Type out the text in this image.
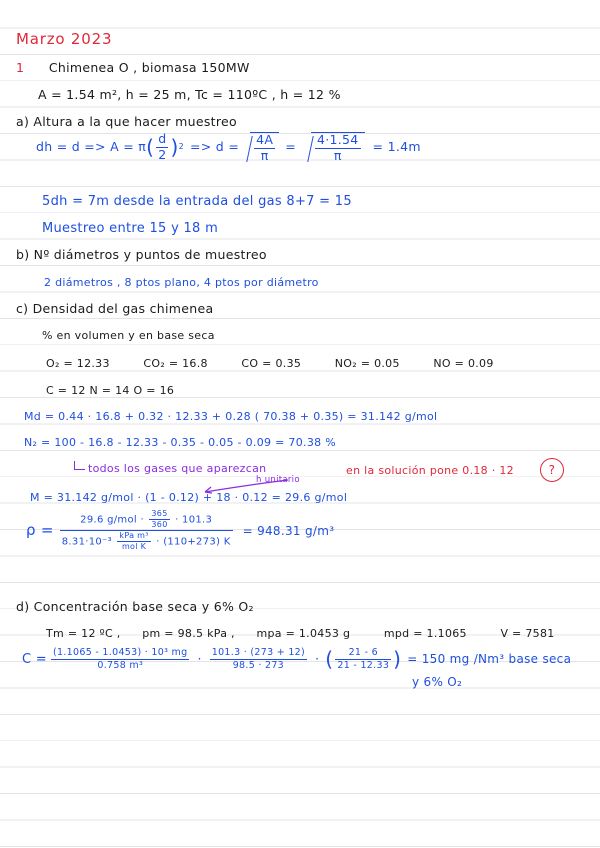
Marzo 2023
1 Chimenea O , biomasa 150MW
A = 1.54 m², h = 25 m, Tc = 110ºC , h = 12 %
a) Altura a la que hacer muestreo
dh = d => A = π ( $\frac{d}{2}$ ) $2 => d = \frac{4A}{\pi} = \frac{4\cdot 1.54}{\pi} = 1.4m$
5dh = 7m desde la entrada del gas 8+7 = 15
Muestreo entre 15 y 18 m
b) Nº diámetros y puntos de muestreo
2 diámetros , 8 ptos plano, 4 ptos por diámetro
c) Densidad del gas chimenea
% en volumen y en base seca
O₂ = 12.33	CO₂ = 16.8	CO = 0.35	NO₂ = 0.05	NO = 0.09
C = 12 N = 14 O = 16
Md = 0.44 · 16.8 + 0.32 · 12.33 + 0.28 ( 70.38 + 0.35) = 31.142 g/mol
N₂ = 100 - 16.8 - 12.33 - 0.35 - 0.05 - 0.09 = 70.38 %
todos los gases que aparezcan	en la solución pone 0.18 · 12	?
h unitario
M = 31.142 g/mol · (1 - 0.12) + 18 · 0.12 = 29.6 g/mol
$\rho = \frac{29.6 g/mol \cdot \frac{365}{360} \cdot 101.3}{8.31\cdot 10^{-3} \frac{\text{kPa m³}}{\text{mol K}} \cdot (110+273) K} = 948.31$ g/m³
d) Concentración base seca y 6% O₂
Tm = 12 ºC , pm = 98.5 kPa , mpa = 1.0453 g	mpd = 1.1065	V = 7581
$C = \frac{\text{(1.1065 - 1.0453) · 10³ mg}}{\text{0.758 m³}} \cdot \frac{101.3 \cdot (273 + 12)}{98.5 \cdot 273}$ · ( $\frac{21 - 6}{21 - 12.33}$ ) = 150 mg /Nm³ base seca
y 6% O₂
